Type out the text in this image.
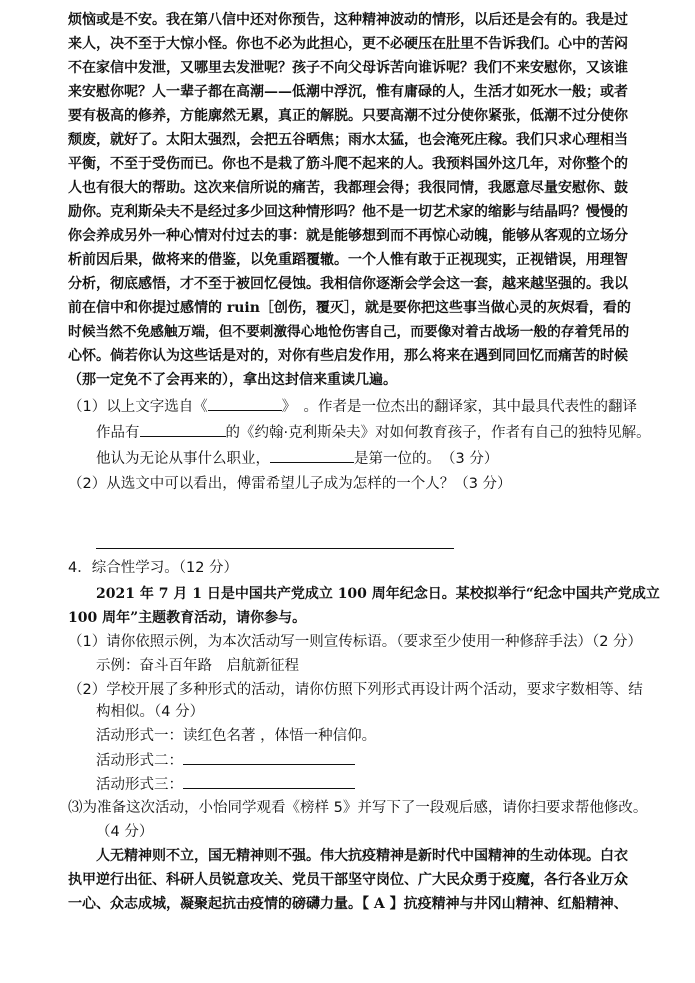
烦恼或是不安。我在第八信中还对你预告，这种精神波动的情形，以后还是会有的。我是过
来人，决不至于大惊小怪。你也不必为此担心，更不必硬压在肚里不告诉我们。心中的苦闷
不在家信中发泄，又哪里去发泄呢？孩子不向父母诉苦向谁诉呢？我们不来安慰你，又该谁
来安慰你呢？人一辈子都在高潮——低潮中浮沉，惟有庸碌的人，生活才如死水一般；或者
要有极高的修养，方能廓然无累，真正的解脱。只要高潮不过分使你紧张，低潮不过分使你
颓废，就好了。太阳太强烈，会把五谷晒焦；雨水太猛，也会淹死庄稼。我们只求心理相当
平衡，不至于受伤而已。你也不是栽了筋斗爬不起来的人。我预料国外这几年，对你整个的
人也有很大的帮助。这次来信所说的痛苦，我都理会得；我很同情，我愿意尽量安慰你、鼓
励你。克利斯朵夫不是经过多少回这种情形吗？他不是一切艺术家的缩影与结晶吗？慢慢的
你会养成另外一种心情对付过去的事：就是能够想到而不再惊心动魄，能够从客观的立场分
析前因后果，做将来的借鉴，以免重蹈覆辙。一个人惟有敢于正视现实，正视错误，用理智
分析，彻底感悟，才不至于被回忆侵蚀。我相信你逐渐会学会这一套，越来越坚强的。我以
前在信中和你提过感情的 ruin［创伤，覆灭］，就是要你把这些事当做心灵的灰烬看，看的
时候当然不免感触万端，但不要刺激得心地怆伤害自己，而要像对着古战场一般的存着凭吊的
心怀。倘若你认为这些话是对的，对你有些启发作用，那么将来在遇到同回忆而痛苦的时候
（那一定免不了会再来的），拿出这封信来重读几遍。
（1）以上文字选自《	》　。作者是一位杰出的翻译家，其中最具代表性的翻译
作品有	的《约翰·克利斯朵夫》对如何教育孩子，作者有自己的独特见解。
他认为无论从事什么职业，	是第一位的。　（3 分）
（2）从选文中可以看出，傅雷希望儿子成为怎样的一个人？（3 分）
4．综合性学习。（12 分）
2021 年 7 月 1 日是中国共产党成立 100 周年纪念日。某校拟举行“纪念中国共产党成立
100 周年”主题教育活动，请你参与。
（1）请你依照示例，为本次活动写一则宣传标语。（要求至少使用一种修辞手法）（2 分）
示例：奋斗百年路　启航新征程
（2）学校开展了多种形式的活动，请你仿照下列形式再设计两个活动，要求字数相等、结
构相似。（4 分）
活动形式一：读红色名著 ，体悟一种信仰。
活动形式二：
活动形式三：
⑶为准备这次活动，小怡同学观看《榜样 5》并写下了一段观后感，请你扫要求帮他修改。
（4 分）
人无精神则不立，国无精神则不强。伟大抗疫精神是新时代中国精神的生动体现。白衣
执甲逆行出征、科研人员锐意攻关、党员干部坚守岗位、广大民众勇于疫魔，各行各业万众
一心、众志成城，凝聚起抗击疫情的磅礴力量。【 A 】抗疫精神与井冈山精神、红船精神、
